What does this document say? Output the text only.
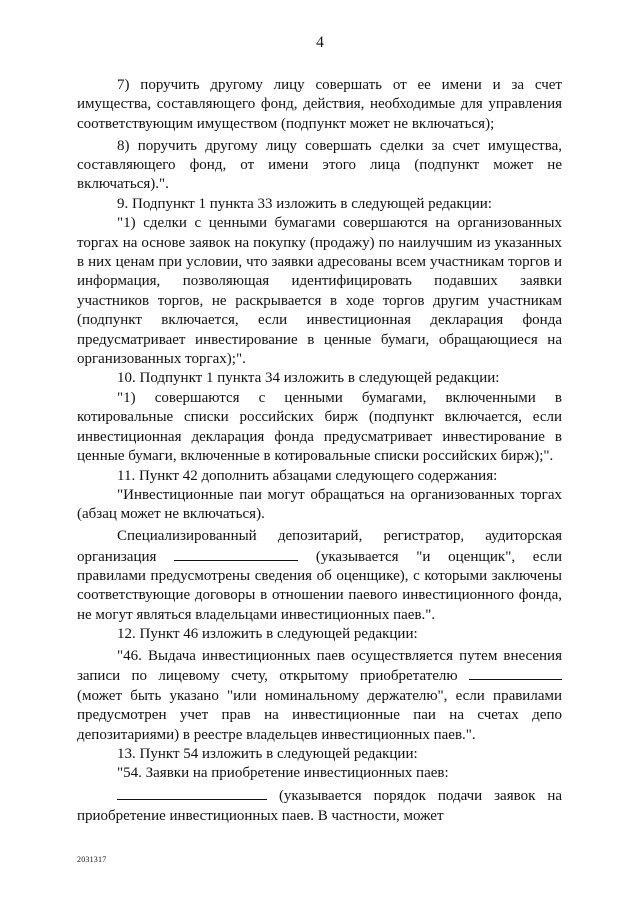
4

7) поручить другому лицу совершать от ее имени и за счет имущества, составляющего фонд, действия, необходимые для управления соответствующим имуществом (подпункт может не включаться);

8) поручить другому лицу совершать сделки за счет имущества, составляющего фонд, от имени этого лица (подпункт может не включаться).".

9. Подпункт 1 пункта 33 изложить в следующей редакции:

"1) сделки с ценными бумагами совершаются на организованных торгах на основе заявок на покупку (продажу) по наилучшим из указанных в них ценам при условии, что заявки адресованы всем участникам торгов и информация, позволяющая идентифицировать подавших заявки участников торгов, не раскрывается в ходе торгов другим участникам (подпункт включается, если инвестиционная декларация фонда предусматривает инвестирование в ценные бумаги, обращающиеся на организованных торгах);".

10. Подпункт 1 пункта 34 изложить в следующей редакции:

"1) совершаются с ценными бумагами, включенными в котировальные списки российских бирж (подпункт включается, если инвестиционная декларация фонда предусматривает инвестирование в ценные бумаги, включенные в котировальные списки российских бирж);".

11. Пункт 42 дополнить абзацами следующего содержания:

"Инвестиционные паи могут обращаться на организованных торгах (абзац может не включаться).

Специализированный депозитарий, регистратор, аудиторская организация	(указывается "и оценщик", если правилами предусмотрены сведения об оценщике), с которыми заключены соответствующие договоры в отношении паевого инвестиционного фонда, не могут являться владельцами инвестиционных паев.".

12. Пункт 46 изложить в следующей редакции:

"46. Выдача инвестиционных паев осуществляется путем внесения записи по лицевому счету, открытому приобретателю  (может быть указано "или номинальному держателю", если правилами предусмотрен учет прав на инвестиционные паи на счетах депо депозитариями) в реестре владельцев инвестиционных паев.".

13. Пункт 54 изложить в следующей редакции:

"54. Заявки на приобретение инвестиционных паев:

(указывается порядок подачи заявок на приобретение инвестиционных паев. В частности, может

2031317
